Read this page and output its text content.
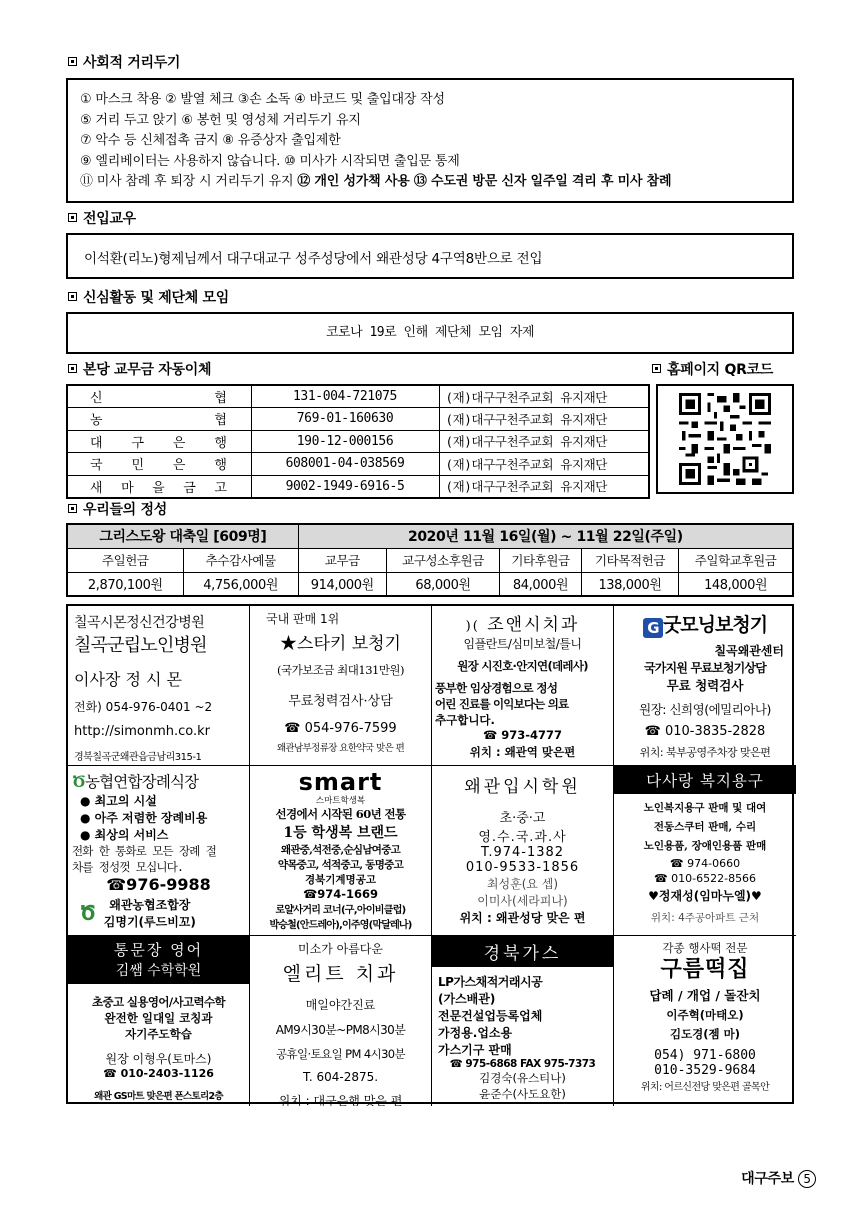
사회적 거리두기
① 마스크 착용 ② 발열 체크 ③손 소독 ④ 바코드 및 출입대장 작성
⑤ 거리 두고 앉기 ⑥ 봉헌 및 영성체 거리두기 유지
⑦ 악수 등 신체접촉 금지 ⑧ 유증상자 출입제한
⑨ 엘리베이터는 사용하지 않습니다. ⑩ 미사가 시작되면 출입문 통제
⑪ 미사 참례 후 퇴장 시 거리두기 유지 ⑫ 개인 성가책 사용 ⑬ 수도권 방문 신자 일주일 격리 후 미사 참례
전입교우
이석환(리노)형제님께서 대구대교구 성주성당에서 왜관성당 4구역8반으로 전입
신심활동 및 제단체 모임
코로나 19로 인해 제단체 모임 자제
본당 교무금 자동이체	홈페이지 QR코드
신 협	131-004-721075	(재)대구구천주교회 유지재단

농 협	769-01-160630	(재)대구구천주교회 유지재단

대 구 은 행	190-12-000156	(재)대구구천주교회 유지재단

국 민 은 행	608001-04-038569	(재)대구구천주교회 유지재단

새 마 을 금 고	9002-1949-6916-5	(재)대구구천주교회 유지재단
우리들의 정성
그리스도왕 대축일 [609명]		2020년 11월 16일(월) ~ 11월 22일(주일)				
주일헌금	추수감사예물	교무금	교구성소후원금	기타후원금	기타목적헌금	주일학교후원금
2,870,100원	4,756,000원	914,000원	68,000원	84,000원	138,000원	148,000원
칠곡시몬정신건강병원
칠곡군립노인병원
이사장 정 시 몬
전화) 054-976-0401 ~2
http://simonmh.co.kr
경북칠곡군왜관읍금남리315-1
국내 판매 1위
★스타키 보청기
(국가보조금 최대131만원)
무료청력검사·상담
☎ 054-976-7599
왜관남부정류장 요한약국 맞은 편
)( 조앤시치과
임플란트/심미보철/틀니
원장 시진호·안지연(데레사)
풍부한 임상경험으로 정성
어린 진료를 이익보다는 의료
추구합니다.
☎ 973-4777
위치 : 왜관역 맞은편
G 굿모닝보청기
칠곡왜관센터
국가지원 무료보청기상담
무료 청력검사
원장: 신희영(에밀리아나)
☎ 010-3835-2828
위치: 북부공영주차장 맞은편
Ծ농협연합장례식장
● 최고의 시설
● 아주 저렴한 장례비용
● 최상의 서비스
전화 한 통화로 모든 장례 절
차를 정성껏 모십니다.
☎976-9988
Ծ	왜관농협조합장
김명기(루드비꼬)
smart
스마트학생복
선경에서 시작된 60년 전통
1등 학생복 브랜드
왜관중,석전중,순심남여중고
약목중고, 석적중고, 동명중고
경북기계명공고
☎974-1669
로얄사거리 코너(구,아이비클럽)
박승철(안드레아),이주영(막달레나)
왜관입시학원
초·중·고
영.수.국.과.사
T.974-1382
010-9533-1856
최성훈(요 셉)
이미사(세라피나)
위치 : 왜관성당 맞은 편
다사랑 복지용구
노인복지용구 판매 및 대여
전동스쿠터 판매, 수리
노인용품, 장애인용품 판매
☎ 974-0660
☎ 010-6522-8566
♥정재성(임마누엘)♥
위치: 4주공아파트 근처
통문장 영어
김쌤 수학학원
초중고 실용영어/사고력수학
완전한 일대일 코칭과
자기주도학습
원장 이형우(토마스)
☎ 010-2403-1126
왜관 GS마트 맞은편 폰스토리2층
미소가 아름다운
엘리트 치과
매일야간진료
AM9시30분~PM8시30분
공휴일·토요일 PM 4시30분
T. 604-2875.
위치 : 대구은행 맞은 편
경북가스
LP가스채적거래시공
(가스배관)
전문건설업등록업체
가정용.업소용
가스기구 판매
☎ 975-6868 FAX 975-7373
김경숙(유스티나)
윤준수(사도요한)
각종 행사떡 전문
구름떡집
답례 / 개업 / 돌잔치
이주혁(마태오)
김도경(젬 마)
054) 971-6800
010-3529-9684
위치: 어르신전당 맞은편 골목안
대구주보 5
